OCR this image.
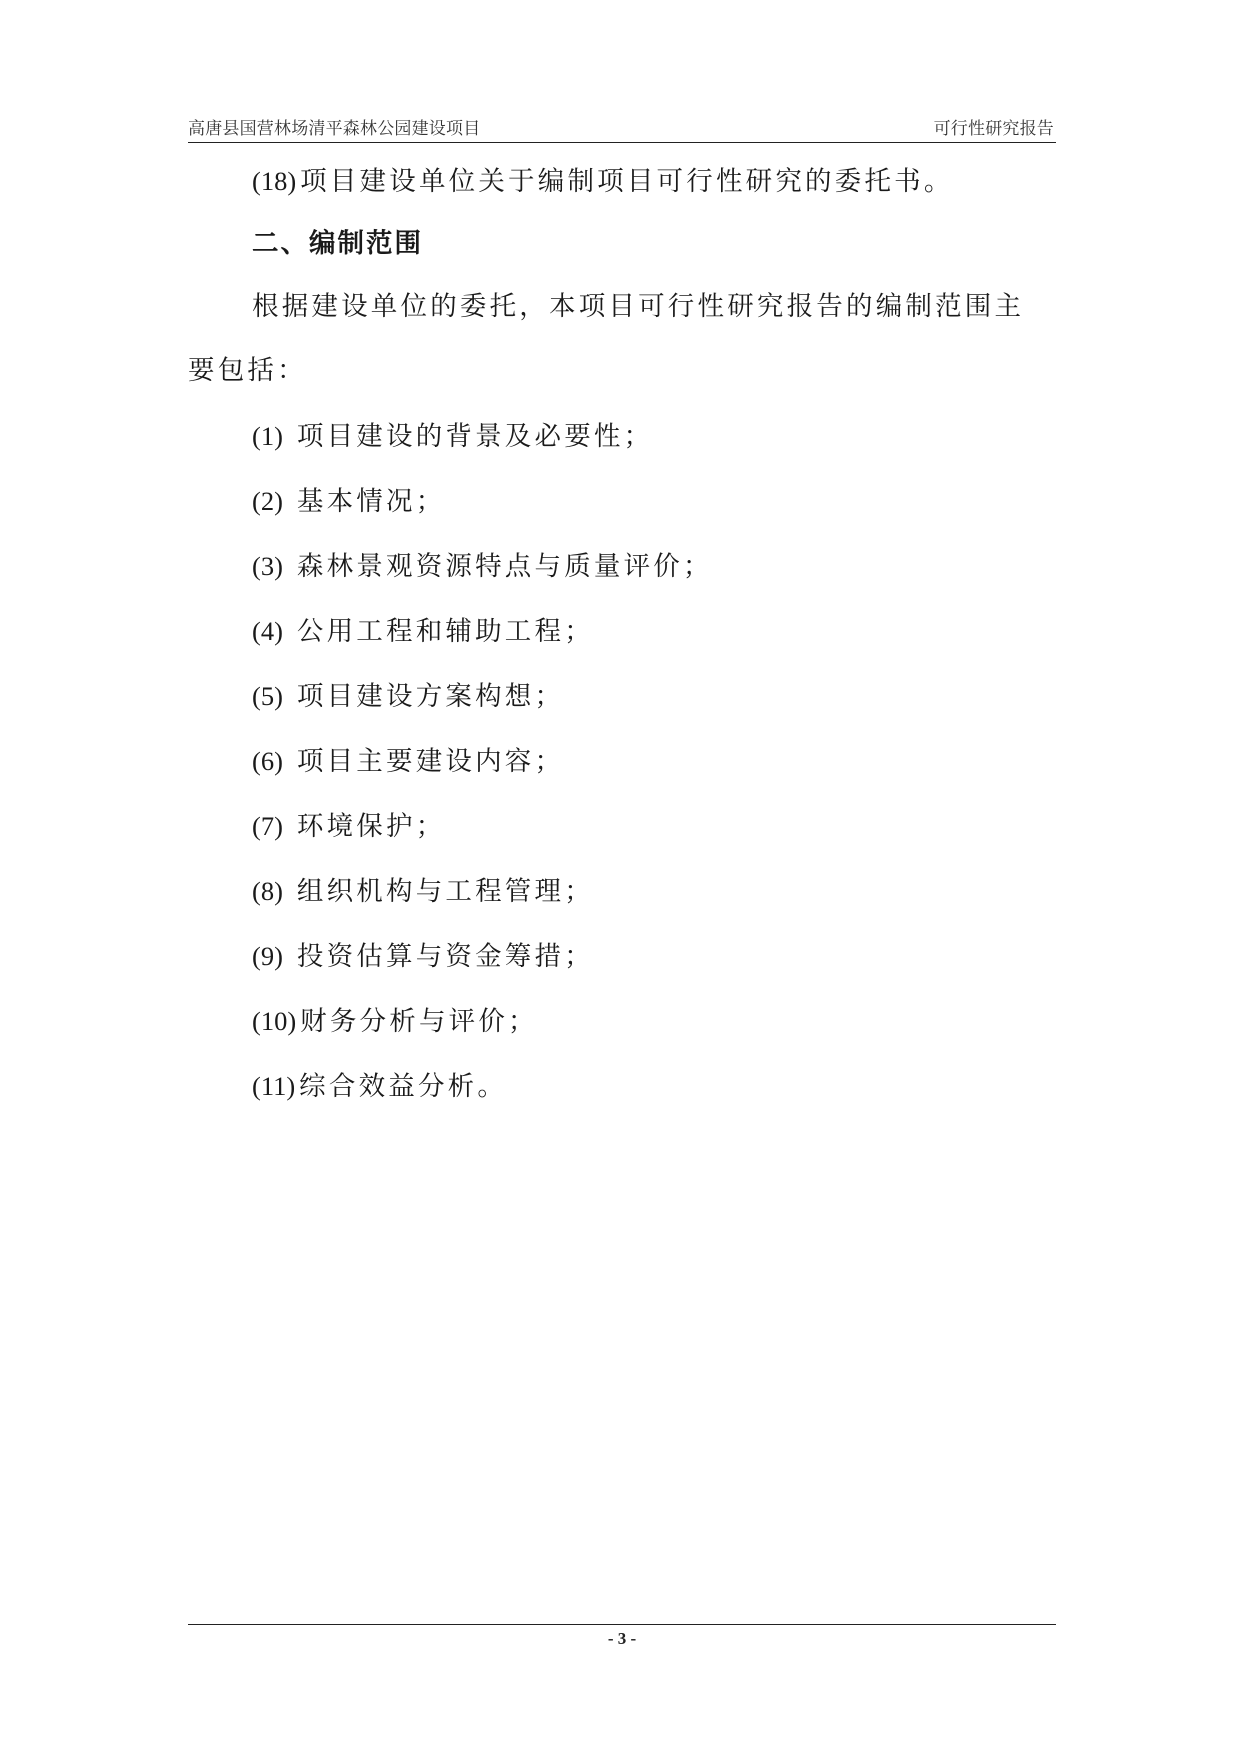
高唐县国营林场清平森林公园建设项目	可行性研究报告
(18) 项目建设单位关于编制项目可行性研究的委托书。
二、编制范围
根据建设单位的委托，本项目可行性研究报告的编制范围主
要包括：
(1) 项目建设的背景及必要性；
(2) 基本情况；
(3) 森林景观资源特点与质量评价；
(4) 公用工程和辅助工程；
(5) 项目建设方案构想；
(6) 项目主要建设内容；
(7) 环境保护；
(8) 组织机构与工程管理；
(9) 投资估算与资金筹措；
(10) 财务分析与评价；
(11) 综合效益分析。
- 3 -
